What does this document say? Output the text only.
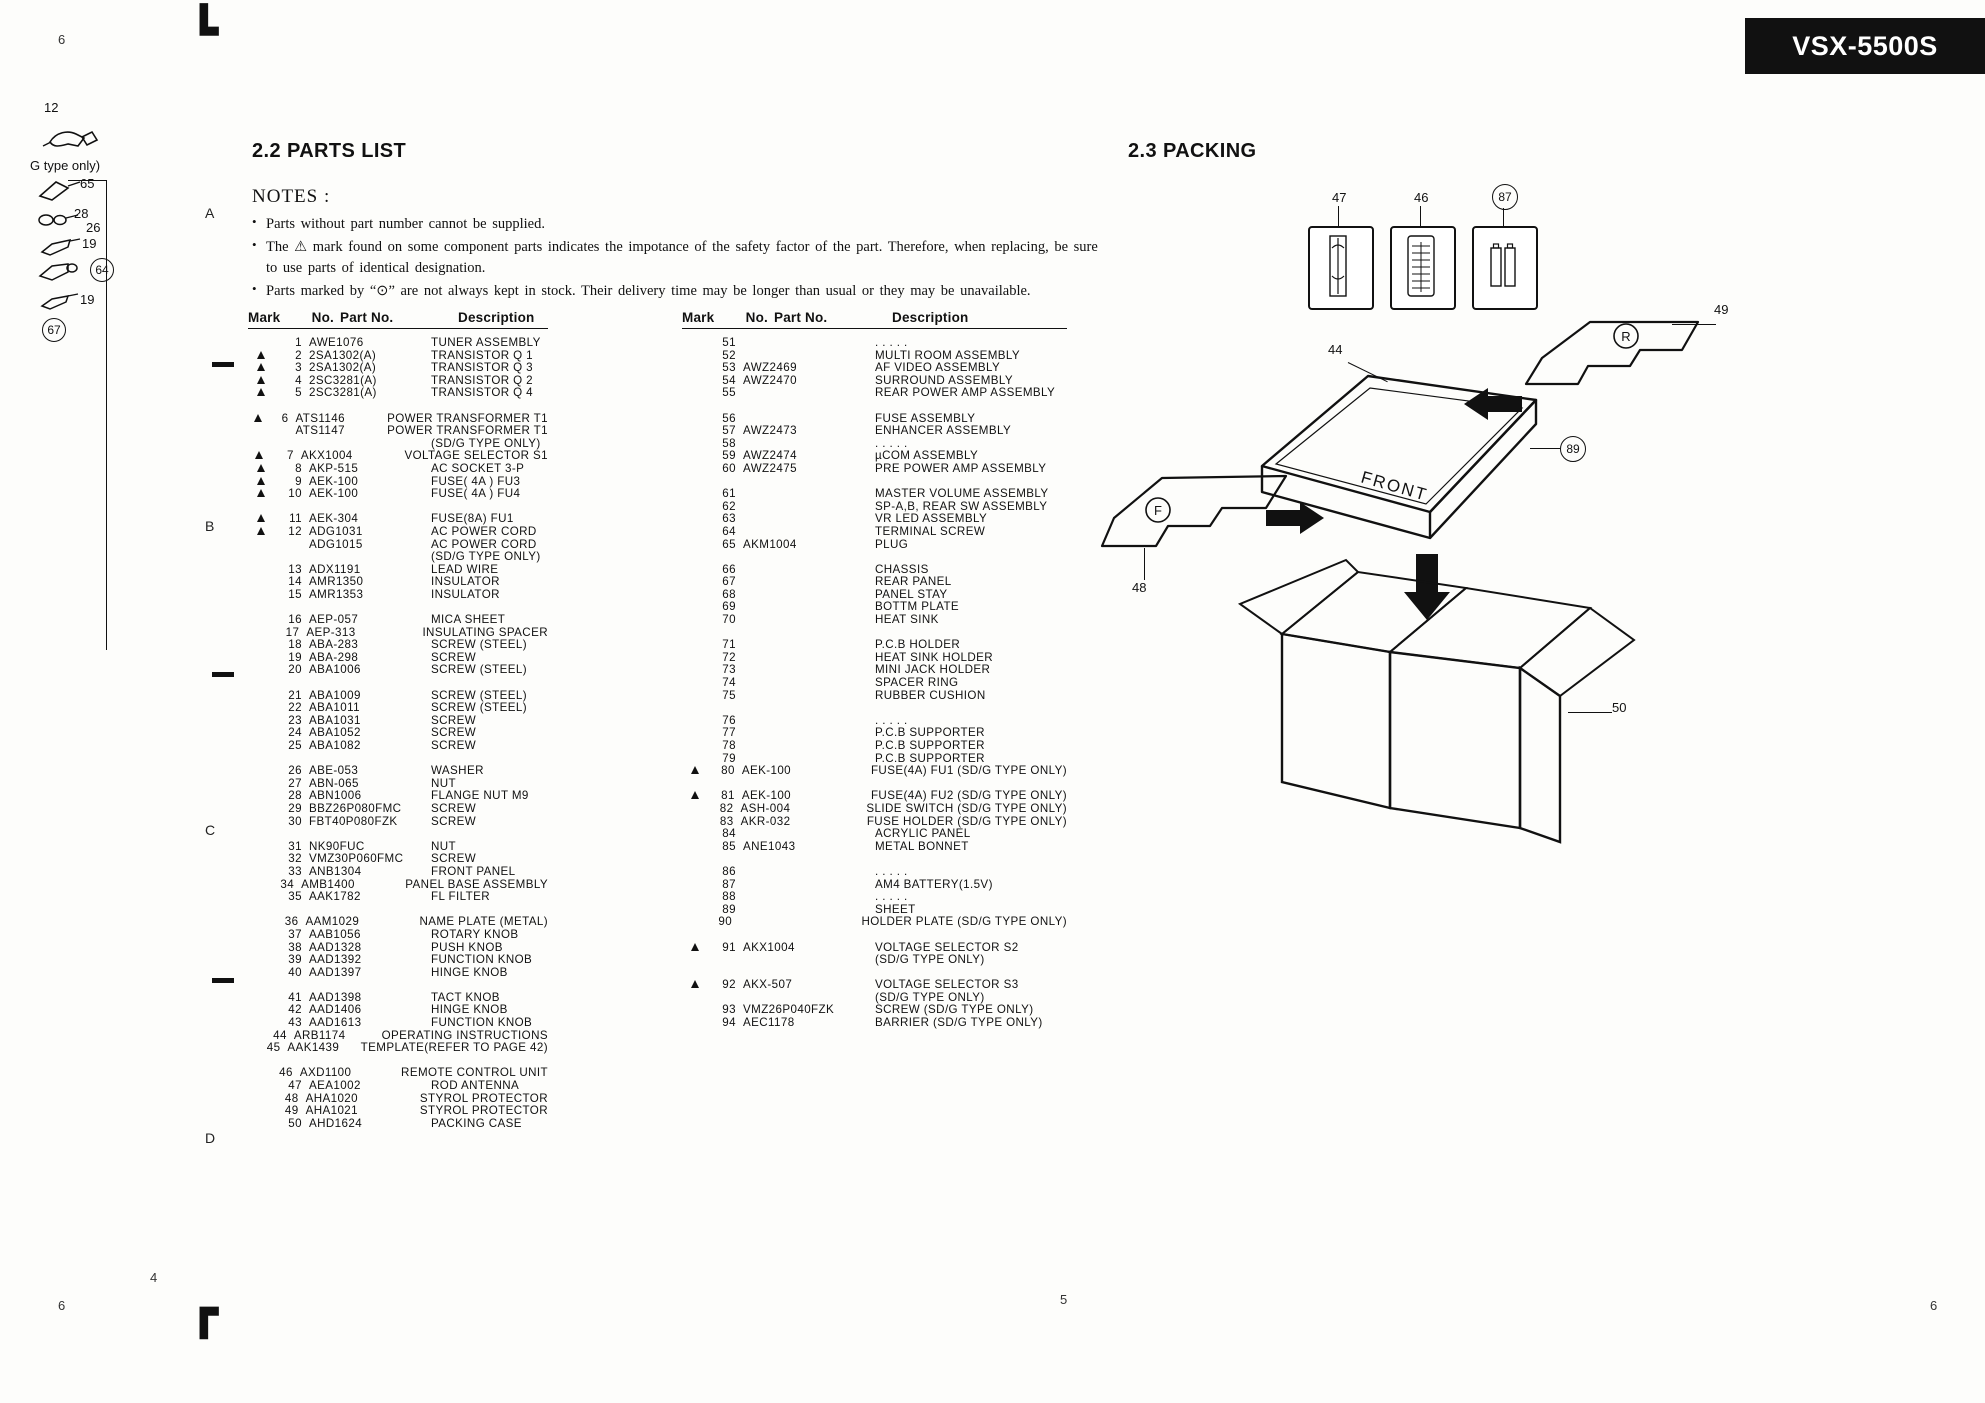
VSX-5500S
6	┗
┏
6
4
5	6
A
B
C
D
12
G type only)
65
28
26
19
64
19
67
2.2 PARTS LIST	2.3 PACKING
NOTES :
• Parts without part number cannot be supplied.
• The ⚠ mark found on some component parts indicates the impotance of the safety factor of the part. Therefore, when replacing, be sure to use parts of identical designation.
• Parts marked by “⊙” are not always kept in stock. Their delivery time may be longer than usual or they may be unavailable.
Mark	No. Part No.	Description
1 AWE1076	TUNER ASSEMBLY
2 2SA1302(A)	TRANSISTOR Q 1
3 2SA1302(A)	TRANSISTOR Q 3
4 2SC3281(A)	TRANSISTOR Q 2
5 2SC3281(A)	TRANSISTOR Q 4
6 ATS1146	POWER TRANSFORMER T1
ATS1147	POWER TRANSFORMER T1
(SD/G TYPE ONLY)
7 AKX1004	VOLTAGE SELECTOR S1
8 AKP-515	AC SOCKET 3-P
9 AEK-100	FUSE( 4A ) FU3
10 AEK-100	FUSE( 4A ) FU4
11 AEK-304	FUSE(8A) FU1
12 ADG1031	AC POWER CORD
ADG1015	AC POWER CORD
(SD/G TYPE ONLY)
13 ADX1191	LEAD WIRE
14 AMR1350	INSULATOR
15 AMR1353	INSULATOR
16 AEP-057	MICA SHEET
17 AEP-313	INSULATING SPACER
18 ABA-283	SCREW (STEEL)
19 ABA-298	SCREW
20 ABA1006	SCREW (STEEL)
21 ABA1009	SCREW (STEEL)
22 ABA1011	SCREW (STEEL)
23 ABA1031	SCREW
24 ABA1052	SCREW
25 ABA1082	SCREW
26 ABE-053	WASHER
27 ABN-065	NUT
28 ABN1006	FLANGE NUT M9
29 BBZ26P080FMC	SCREW
30 FBT40P080FZK	SCREW
31 NK90FUC	NUT
32 VMZ30P060FMC	SCREW
33 ANB1304	FRONT PANEL
34 AMB1400	PANEL BASE ASSEMBLY
35 AAK1782	FL FILTER
36 AAM1029	NAME PLATE (METAL)
37 AAB1056	ROTARY KNOB
38 AAD1328	PUSH KNOB
39 AAD1392	FUNCTION KNOB
40 AAD1397	HINGE KNOB
41 AAD1398	TACT KNOB
42 AAD1406	HINGE KNOB
43 AAD1613	FUNCTION KNOB
44 ARB1174	OPERATING INSTRUCTIONS
45 AAK1439	TEMPLATE(REFER TO PAGE 42)
46 AXD1100	REMOTE CONTROL UNIT
47 AEA1002	ROD ANTENNA
48 AHA1020	STYROL PROTECTOR
49 AHA1021	STYROL PROTECTOR
50 AHD1624	PACKING CASE
Mark	No. Part No.	Description
51	. . . . .
52	MULTI ROOM ASSEMBLY
53 AWZ2469	AF VIDEO ASSEMBLY
54 AWZ2470	SURROUND ASSEMBLY
55	REAR POWER AMP ASSEMBLY
56	FUSE ASSEMBLY
57 AWZ2473	ENHANCER ASSEMBLY
58	. . . . .
59 AWZ2474	µCOM ASSEMBLY
60 AWZ2475	PRE POWER AMP ASSEMBLY
61	MASTER VOLUME ASSEMBLY
62	SP-A,B, REAR SW ASSEMBLY
63	VR LED ASSEMBLY
64	TERMINAL SCREW
65 AKM1004	PLUG
66	CHASSIS
67	REAR PANEL
68	PANEL STAY
69	BOTTM PLATE
70	HEAT SINK
71	P.C.B HOLDER
72	HEAT SINK HOLDER
73	MINI JACK HOLDER
74	SPACER RING
75	RUBBER CUSHION
76	. . . . .
77	P.C.B SUPPORTER
78	P.C.B SUPPORTER
79	P.C.B SUPPORTER
80 AEK-100	FUSE(4A) FU1 (SD/G TYPE ONLY)
81 AEK-100	FUSE(4A) FU2 (SD/G TYPE ONLY)
82 ASH-004	SLIDE SWITCH (SD/G TYPE ONLY)
83 AKR-032	FUSE HOLDER (SD/G TYPE ONLY)
84	ACRYLIC PANEL
85 ANE1043	METAL BONNET
86	. . . . .
87	AM4 BATTERY(1.5V)
88	. . . . .
89	SHEET
90	HOLDER PLATE (SD/G TYPE ONLY)
91 AKX1004	VOLTAGE SELECTOR S2
(SD/G TYPE ONLY)
92 AKX-507	VOLTAGE SELECTOR S3
(SD/G TYPE ONLY)
93 VMZ26P040FZK	SCREW (SD/G TYPE ONLY)
94 AEC1178	BARRIER (SD/G TYPE ONLY)
47	46	87
R
49
F
48
FRONT
44
89
50
